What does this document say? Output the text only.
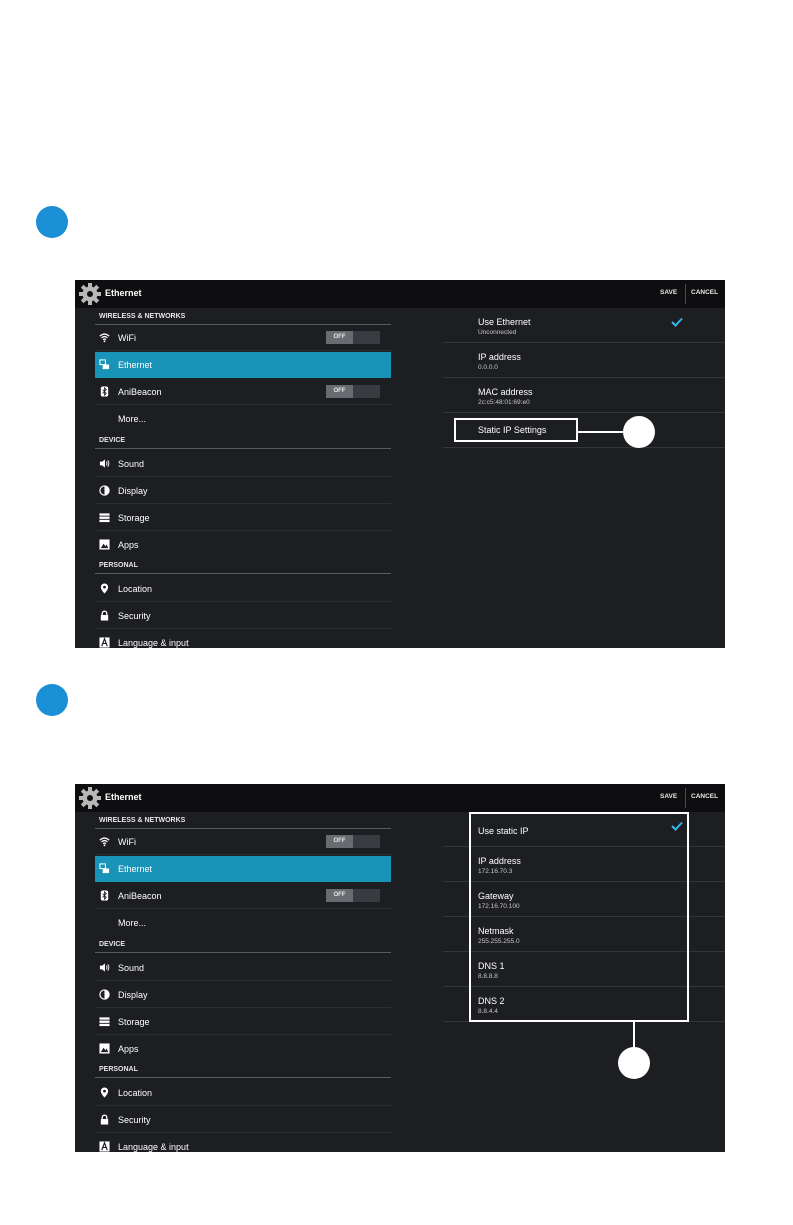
Ethernet	SAVE CANCEL
WIRELESS & NETWORKS
WiFi	OFF
Ethernet
AniBeacon	OFF
More...
DEVICE
Sound
Display
Storage
Apps
PERSONAL
Location
Security
Language & input
Use Ethernet
Unconnected
IP address
0.0.0.0
MAC address
2c:c5:48:01:69:e0
Static IP Settings
Ethernet	SAVE CANCEL
WIRELESS & NETWORKS
WiFi	OFF
Ethernet
AniBeacon	OFF
More...
DEVICE
Sound
Display
Storage
Apps
PERSONAL
Location
Security
Language & input
Use static IP
IP address
172.16.70.3
Gateway
172.16.70.100
Netmask
255.255.255.0
DNS 1
8.8.8.8
DNS 2
8.8.4.4
